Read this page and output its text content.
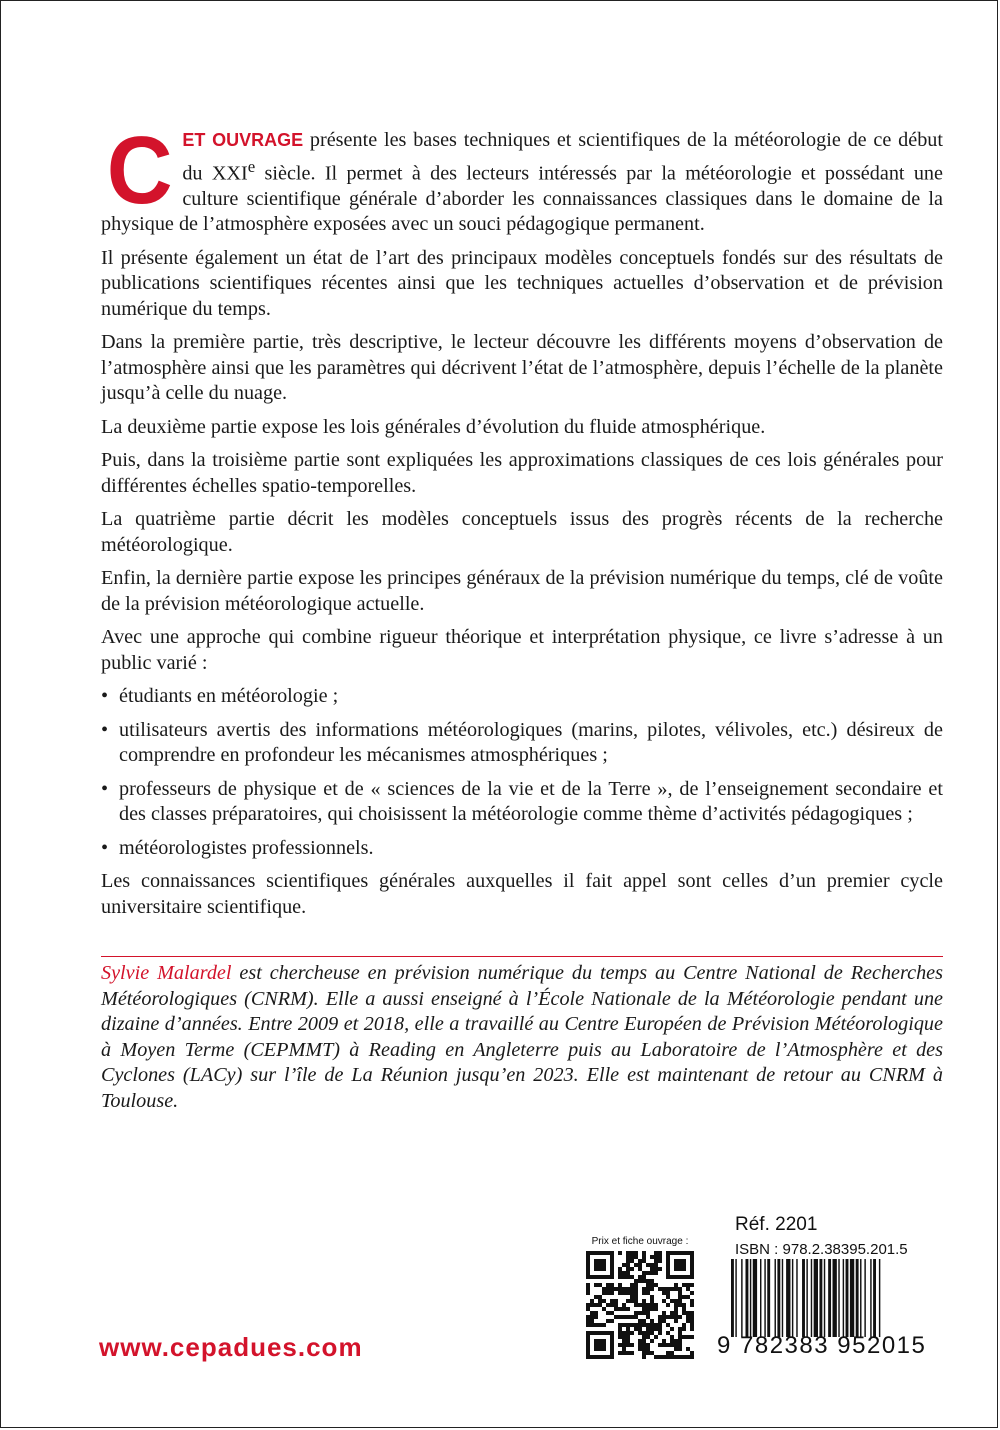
CET OUVRAGE présente les bases techniques et scientifiques de la météorologie de ce début du XXIe siècle. Il permet à des lecteurs intéressés par la météorologie et possédant une culture scientifique générale d’aborder les connaissances classiques dans le domaine de la physique de l’atmosphère exposées avec un souci pédagogique permanent.

Il présente également un état de l’art des principaux modèles conceptuels fondés sur des résultats de publications scientifiques récentes ainsi que les techniques actuelles d’observation et de prévision numérique du temps.

Dans la première partie, très descriptive, le lecteur découvre les différents moyens d’observation de l’atmosphère ainsi que les paramètres qui décrivent l’état de l’atmosphère, depuis l’échelle de la planète jusqu’à celle du nuage.

La deuxième partie expose les lois générales d’évolution du fluide atmosphérique.

Puis, dans la troisième partie sont expliquées les approximations classiques de ces lois générales pour différentes échelles spatio-temporelles.

La quatrième partie décrit les modèles conceptuels issus des progrès récents de la recherche météorologique.

Enfin, la dernière partie expose les principes généraux de la prévision numérique du temps, clé de voûte de la prévision météorologique actuelle.

Avec une approche qui combine rigueur théorique et interprétation physique, ce livre s’adresse à un public varié :

• étudiants en météorologie ;
• utilisateurs avertis des informations météorologiques (marins, pilotes, vélivoles, etc.) désireux de comprendre en profondeur les mécanismes atmosphériques ;
• professeurs de physique et de « sciences de la vie et de la Terre », de l’enseignement secondaire et des classes préparatoires, qui choisissent la météorologie comme thème d’activités pédagogiques ;
• météorologistes professionnels.

Les connaissances scientifiques générales auxquelles il fait appel sont celles d’un premier cycle universitaire scientifique.

Sylvie Malardel est chercheuse en prévision numérique du temps au Centre National de Recherches Météorologiques (CNRM). Elle a aussi enseigné à l’École Nationale de la Météorologie pendant une dizaine d’années. Entre 2009 et 2018, elle a travaillé au Centre Européen de Prévision Météorologique à Moyen Terme (CEPMMT) à Reading en Angleterre puis au Laboratoire de l’Atmosphère et des Cyclones (LACy) sur l’île de La Réunion jusqu’en 2023. Elle est maintenant de retour au CNRM à Toulouse.
www.cepadues.com
Prix et fiche ouvrage :
Réf. 2201
ISBN : 978.2.38395.201.5
9 782383 952015
